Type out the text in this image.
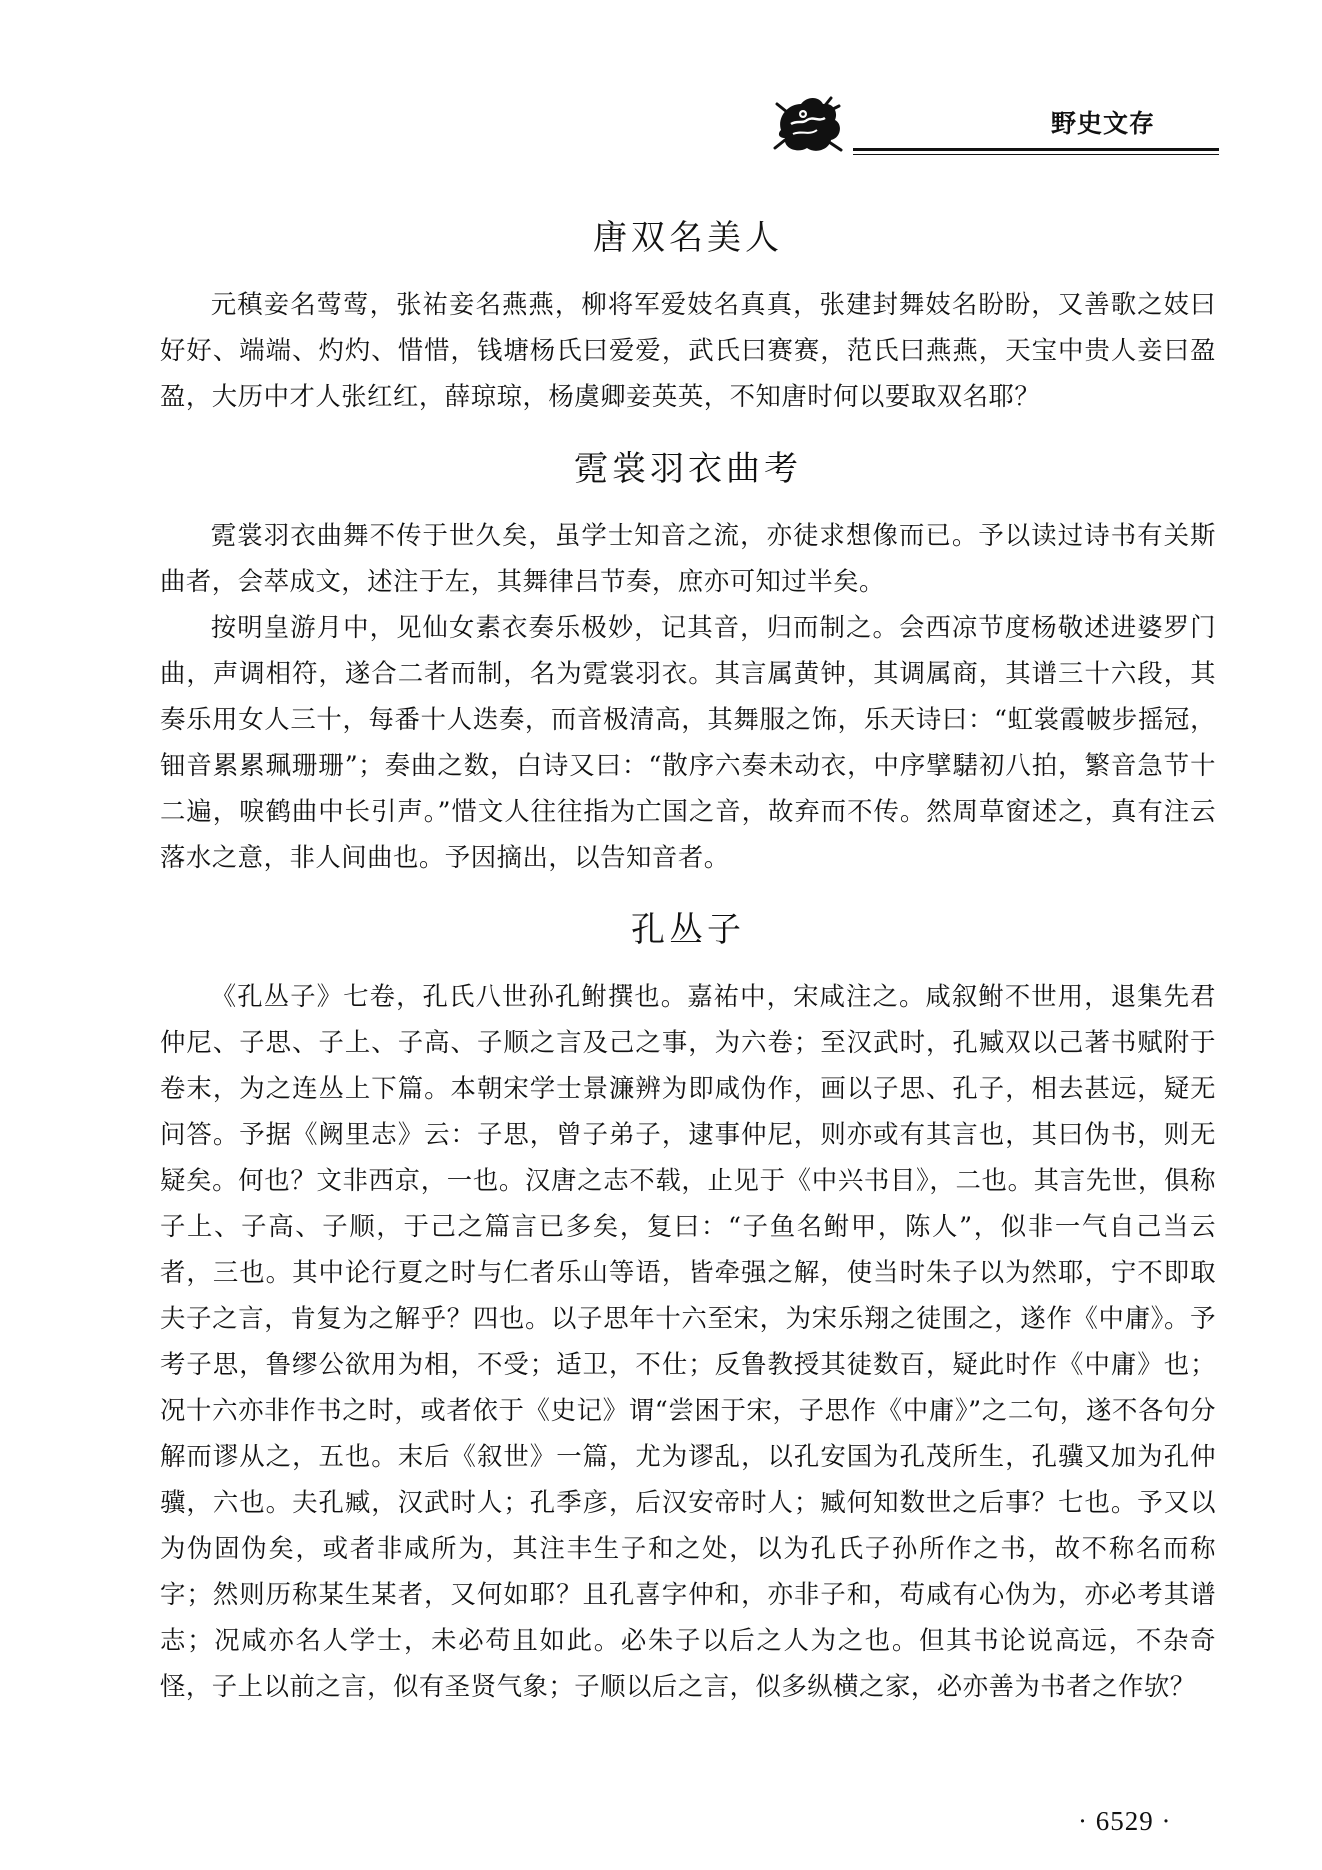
野史文存
唐双名美人

元稹妾名莺莺，张祐妾名燕燕，柳将军爱妓名真真，张建封舞妓名盼盼，又善歌之妓曰好好、端端、灼灼、惜惜，钱塘杨氏曰爱爱，武氏曰赛赛，范氏曰燕燕，天宝中贵人妾曰盈盈，大历中才人张红红，薛琼琼，杨虞卿妾英英，不知唐时何以要取双名耶？

霓裳羽衣曲考

霓裳羽衣曲舞不传于世久矣，虽学士知音之流，亦徒求想像而已。予以读过诗书有关斯曲者，会萃成文，述注于左，其舞律吕节奏，庶亦可知过半矣。

按明皇游月中，见仙女素衣奏乐极妙，记其音，归而制之。会西凉节度杨敬述进婆罗门曲，声调相符，遂合二者而制，名为霓裳羽衣。其言属黄钟，其调属商，其谱三十六段，其奏乐用女人三十，每番十人迭奏，而音极清高，其舞服之饰，乐天诗曰：“虹裳霞帔步摇冠，钿音累累珮珊珊”；奏曲之数，白诗又曰：“散序六奏未动衣，中序擘騞初八拍，繁音急节十二遍，唳鹤曲中长引声。”惜文人往往指为亡国之音，故弃而不传。然周草窗述之，真有注云落水之意，非人间曲也。予因摘出，以告知音者。

孔丛子

《孔丛子》七卷，孔氏八世孙孔鲋撰也。嘉祐中，宋咸注之。咸叙鲋不世用，退集先君仲尼、子思、子上、子高、子顺之言及己之事，为六卷；至汉武时，孔臧双以己著书赋附于卷末，为之连丛上下篇。本朝宋学士景濂辨为即咸伪作，画以子思、孔子，相去甚远，疑无问答。予据《阙里志》云：子思，曾子弟子，逮事仲尼，则亦或有其言也，其曰伪书，则无疑矣。何也？文非西京，一也。汉唐之志不载，止见于《中兴书目》，二也。其言先世，俱称子上、子高、子顺，于己之篇言已多矣，复曰：“子鱼名鲋甲，陈人”，似非一气自己当云者，三也。其中论行夏之时与仁者乐山等语，皆牵强之解，使当时朱子以为然耶，宁不即取夫子之言，肯复为之解乎？四也。以子思年十六至宋，为宋乐翔之徒围之，遂作《中庸》。予考子思，鲁缪公欲用为相，不受；适卫，不仕；反鲁教授其徒数百，疑此时作《中庸》也；况十六亦非作书之时，或者依于《史记》谓“尝困于宋，子思作《中庸》”之二句，遂不各句分解而谬从之，五也。末后《叙世》一篇，尤为谬乱，以孔安国为孔茂所生，孔骥又加为孔仲骥，六也。夫孔臧，汉武时人；孔季彦，后汉安帝时人；臧何知数世之后事？七也。予又以为伪固伪矣，或者非咸所为，其注丰生子和之处，以为孔氏子孙所作之书，故不称名而称字；然则历称某生某者，又何如耶？且孔喜字仲和，亦非子和，苟咸有心伪为，亦必考其谱志；况咸亦名人学士，未必苟且如此。必朱子以后之人为之也。但其书论说高远，不杂奇怪，子上以前之言，似有圣贤气象；子顺以后之言，似多纵横之家，必亦善为书者之作欤？

· 6529 ·
